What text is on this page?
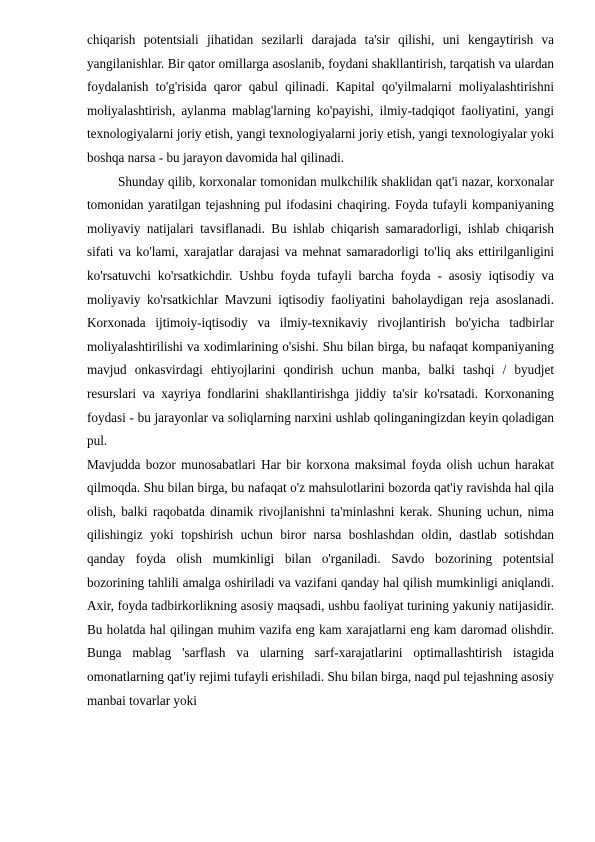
chiqarish potentsiali jihatidan sezilarli darajada ta'sir qilishi, uni kengaytirish va yangilanishlar. Bir qator omillarga asoslanib, foydani shakllantirish, tarqatish va ulardan foydalanish to'g'risida qaror qabul qilinadi. Kapital qo'yilmalarni moliyalashtirishni moliyalashtirish, aylanma mablag'larning ko'payishi, ilmiy-tadqiqot faoliyatini, yangi texnologiyalarni joriy etish, yangi texnologiyalarni joriy etish, yangi texnologiyalar yoki boshqa narsa - bu jarayon davomida hal qilinadi.

Shunday qilib, korxonalar tomonidan mulkchilik shaklidan qat'i nazar, korxonalar tomonidan yaratilgan tejashning pul ifodasini chaqiring. Foyda tufayli kompaniyaning moliyaviy natijalari tavsiflanadi. Bu ishlab chiqarish samaradorligi, ishlab chiqarish sifati va ko'lami, xarajatlar darajasi va mehnat samaradorligi to'liq aks ettirilganligini ko'rsatuvchi ko'rsatkichdir. Ushbu foyda tufayli barcha foyda - asosiy iqtisodiy va moliyaviy ko'rsatkichlar Mavzuni iqtisodiy faoliyatini baholaydigan reja asoslanadi. Korxonada ijtimoiy-iqtisodiy va ilmiy-texnikaviy rivojlantirish bo'yicha tadbirlar moliyalashtirilishi va xodimlarining o'sishi. Shu bilan birga, bu nafaqat kompaniyaning mavjud onkasvirdagi ehtiyojlarini qondirish uchun manba, balki tashqi / byudjet resurslari va xayriya fondlarini shakllantirishga jiddiy ta'sir ko'rsatadi. Korxonaning foydasi - bu jarayonlar va soliqlarning narxini ushlab qolinganingizdan keyin qoladigan pul.

Mavjudda bozor munosabatlari Har bir korxona maksimal foyda olish uchun harakat qilmoqda. Shu bilan birga, bu nafaqat o'z mahsulotlarini bozorda qat'iy ravishda hal qila olish, balki raqobatda dinamik rivojlanishni ta'minlashni kerak. Shuning uchun, nima qilishingiz yoki topshirish uchun biror narsa boshlashdan oldin, dastlab sotishdan qanday foyda olish mumkinligi bilan o'rganiladi. Savdo bozorining potentsial bozorining tahlili amalga oshiriladi va vazifani qanday hal qilish mumkinligi aniqlandi. Axir, foyda tadbirkorlikning asosiy maqsadi, ushbu faoliyat turining yakuniy natijasidir. Bu holatda hal qilingan muhim vazifa eng kam xarajatlarni eng kam daromad olishdir. Bunga mablag 'sarflash va ularning sarf-xarajatlarini optimallashtirish istagida omonatlarning qat'iy rejimi tufayli erishiladi. Shu bilan birga, naqd pul tejashning asosiy manbai tovarlar yoki
